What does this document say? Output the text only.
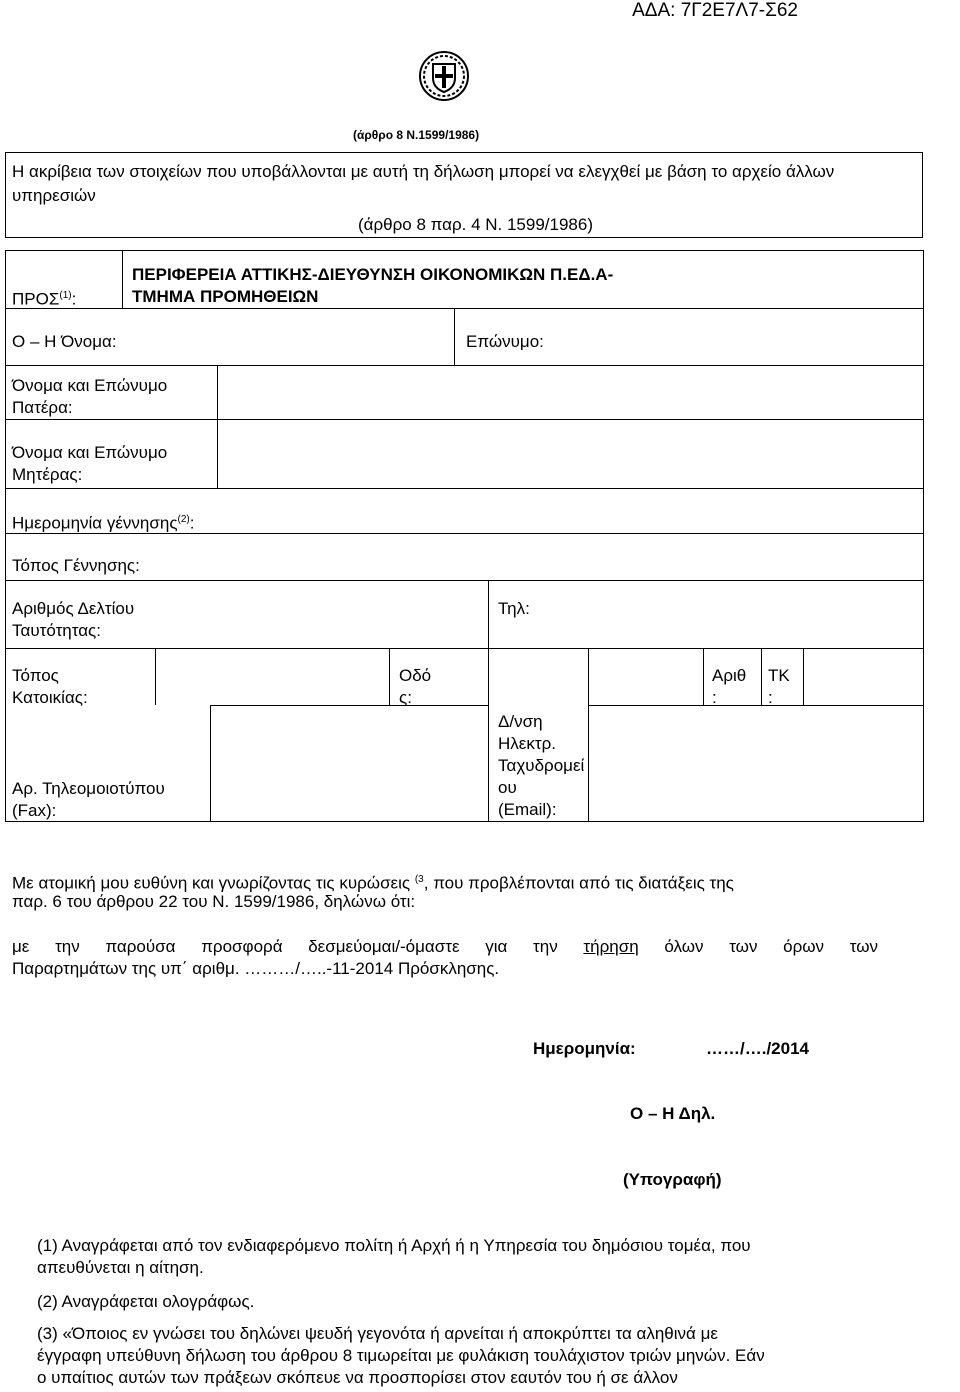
ΑΔΑ: 7Γ2Ε7Λ7-Σ62
(άρθρο 8 Ν.1599/1986)
Η ακρίβεια των στοιχείων που υποβάλλονται με αυτή τη δήλωση μπορεί να ελεγχθεί με βάση το αρχείο άλλων υπηρεσιών
(άρθρο 8 παρ. 4 Ν. 1599/1986)
ΠΡΟΣ$^{(1)}$:
ΠΕΡΙΦΕΡΕΙΑ ΑΤΤΙΚΗΣ-ΔΙΕΥΘΥΝΣΗ ΟΙΚΟΝΟΜΙΚΩΝ Π.ΕΔ.Α-
ΤΜΗΜΑ ΠΡΟΜΗΘΕΙΩΝ
Ο – Η Όνομα:	Επώνυμο:
Όνομα και Επώνυμο
Πατέρα:
Όνομα και Επώνυμο
Μητέρας:
Ημερομηνία γέννησης$^{(2)}$:
Τόπος Γέννησης:
Αριθμός Δελτίου
Ταυτότητας:
Τηλ:
Τόπος
Κατοικίας:
Οδό
ς:
Αριθ
:
ΤΚ
:
Αρ. Τηλεομοιοτύπου
(Fax):
Δ/νση
Ηλεκτρ.
Ταχυδρομεί
ου
(Email):
Με ατομική μου ευθύνη και γνωρίζοντας τις κυρώσεις $^{(3}$, που προβλέπονται από τις διατάξεις της
παρ. 6 του άρθρου 22 του Ν. 1599/1986, δηλώνω ότι:
με την παρούσα προσφορά δεσμεύομαι/-όμαστε για την τήρηση όλων των όρων των
Παραρτημάτων της υπ΄ αριθμ. ………/…..-11-2014 Πρόσκλησης.
Ημερομηνία:	……/…./2014
Ο – Η Δηλ.
(Υπογραφή)
(1) Αναγράφεται από τον ενδιαφερόμενο πολίτη ή Αρχή ή η Υπηρεσία του δημόσιου τομέα, που
απευθύνεται η αίτηση.
(2) Αναγράφεται ολογράφως.
(3) «Όποιος εν γνώσει του δηλώνει ψευδή γεγονότα ή αρνείται ή αποκρύπτει τα αληθινά με
έγγραφη υπεύθυνη δήλωση του άρθρου 8 τιμωρείται με φυλάκιση τουλάχιστον τριών μηνών. Εάν
ο υπαίτιος αυτών των πράξεων σκόπευε να προσπορίσει στον εαυτόν του ή σε άλλον
